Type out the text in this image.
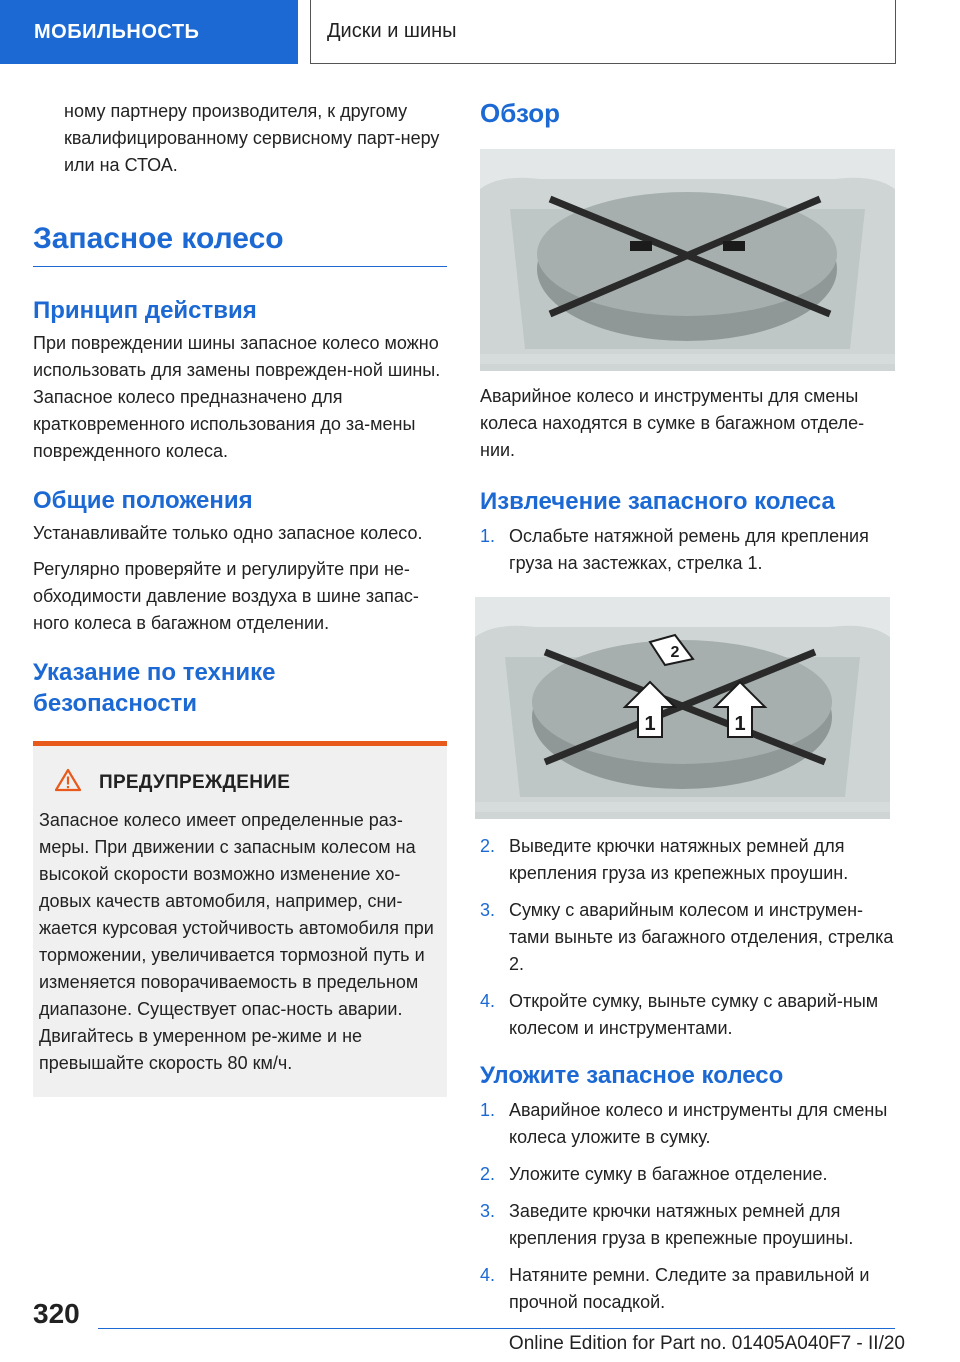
МОБИЛЬНОСТЬ	Диски и шины

ному партнеру производителя, к другому квалифицированному сервисному парт-неру или на СТОА.

Запасное колесо
Принцип действия

При повреждении шины запасное колесо можно использовать для замены поврежден-ной шины. Запасное колесо предназначено для кратковременного использования до за-мены поврежденного колеса.

Общие положения

Устанавливайте только одно запасное колесо.

Регулярно проверяйте и регулируйте при не-обходимости давление воздуха в шине запас-ного колеса в багажном отделении.

Указание по технике
безопасности
ПРЕДУПРЕЖДЕНИЕ

Запасное колесо имеет определенные раз-меры. При движении с запасным колесом на высокой скорости возможно изменение хо-довых качеств автомобиля, например, сни-жается курсовая устойчивость автомобиля при торможении, увеличивается тормозной путь и изменяется поворачиваемость в предельном диапазоне. Существует опас-ность аварии. Двигайтесь в умеренном ре-жиме и не превышайте скорость 80 км/ч.

Обзор

Аварийное колесо и инструменты для смены колеса находятся в сумке в багажном отделе-нии.

Извлечение запасного колеса
1. Ослабьте натяжной ремень для крепления груза на застежках, стрелка 1.
1	1
2
2. Выведите крючки натяжных ремней для крепления груза из крепежных проушин.
3. Сумку с аварийным колесом и инструмен-тами выньте из багажного отделения, стрелка 2.
4. Откройте сумку, выньте сумку с аварий-ным колесом и инструментами.
Уложите запасное колесо
1. Аварийное колесо и инструменты для смены колеса уложите в сумку.
2. Уложите сумку в багажное отделение.
3. Заведите крючки натяжных ремней для крепления груза в крепежные проушины.
4. Натяните ремни. Следите за правильной и прочной посадкой.
320
Online Edition for Part no. 01405A040F7 - II/20
